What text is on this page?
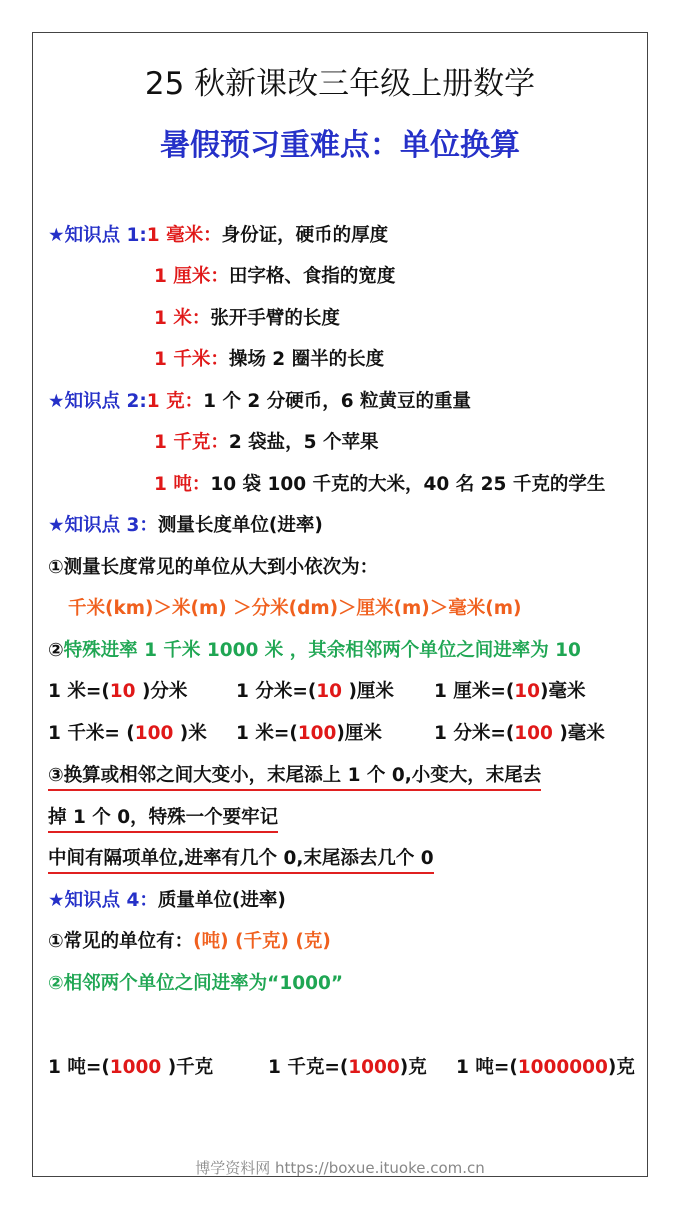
25 秋新课改三年级上册数学
暑假预习重难点：单位换算
★知识点 1:1 毫米：身份证，硬币的厚度
1 厘米：田字格、食指的宽度
1 米：张开手臂的长度
1 千米：操场 2 圈半的长度
★知识点 2:1 克：1 个 2 分硬币，6 粒黄豆的重量
1 千克：2 袋盐，5 个苹果
1 吨：10 袋 100 千克的大米，40 名 25 千克的学生
★知识点 3：测量长度单位(进率)
①测量长度常见的单位从大到小依次为：
千米(km)＞米(m) ＞分米(dm)＞厘米(m)＞毫米(m)
②特殊进率 1 千米 1000 米 ，其余相邻两个单位之间进率为 10
1 米=(10 )分米	1 分米=(10 )厘米 1 厘米=(10)毫米
1 千米= (100 )米 1 米=(100)厘米	1 分米=(100 )毫米
③换算或相邻之间大变小，末尾添上 1 个 0,小变大，末尾去
掉 1 个 0，特殊一个要牢记
中间有隔项单位,进率有几个 0,末尾添去几个 0
★知识点 4：质量单位(进率)
①常见的单位有：(吨) (千克) (克)
②相邻两个单位之间进率为“1000”
1 吨=(1000 )千克	1 千克=(1000)克 1 吨=(1000000)克
博学资料网 https://boxue.ituoke.com.cn
